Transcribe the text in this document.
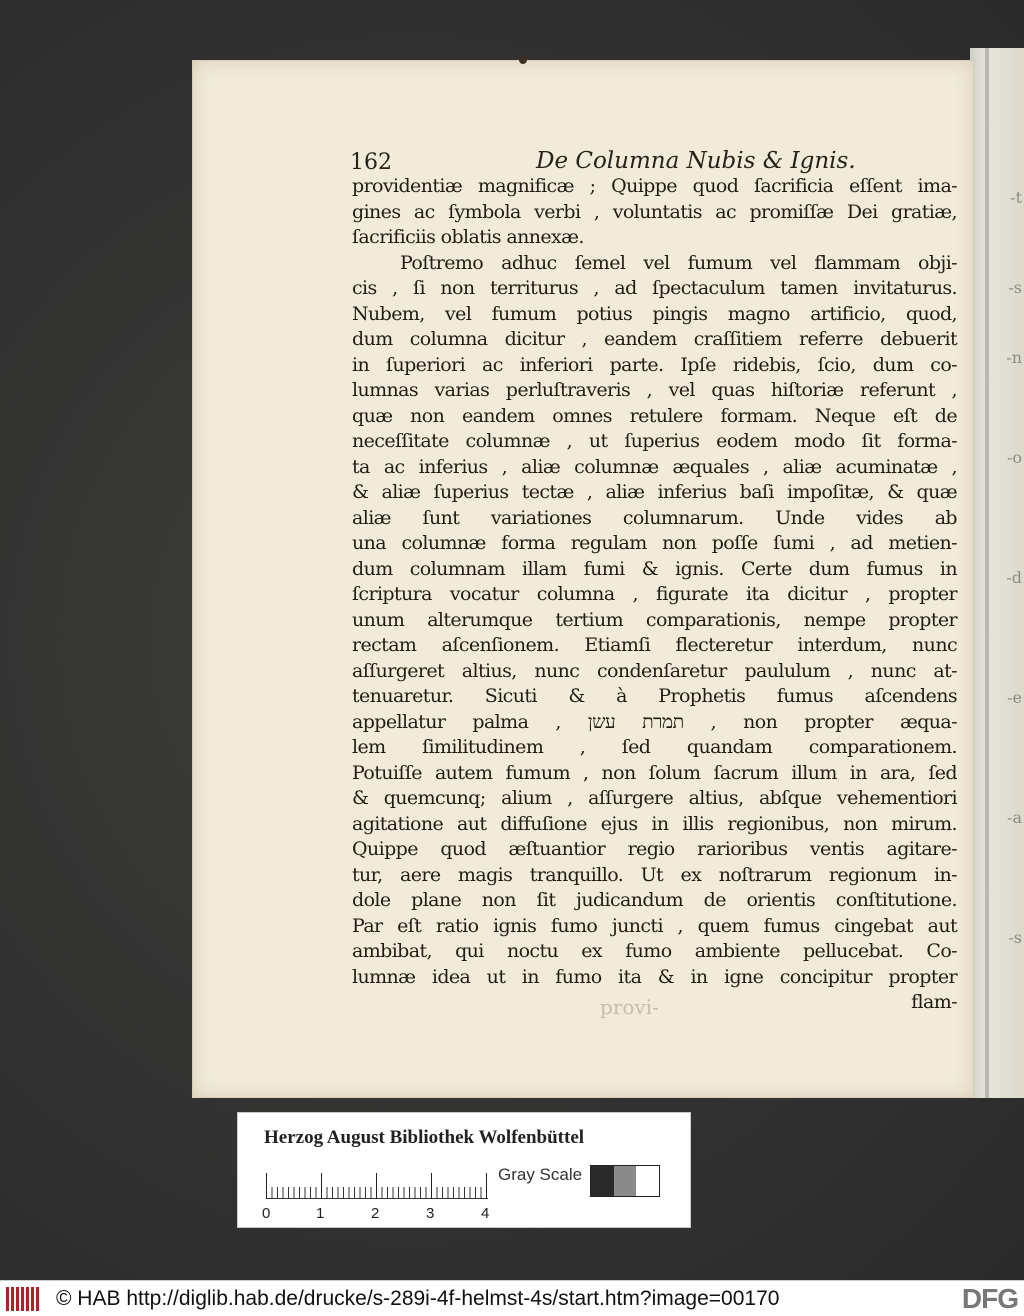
-t
-s
-n
-o
-d
-e
-a
-s
162	De Columna Nubis & Ignis.
providentiæ magnificæ ; Quippe quod ſacrificia eſſent ima-
gines ac ſymbola verbi , voluntatis ac promiſſæ Dei gratiæ,
ſacrificiis oblatis annexæ.
Poſtremo adhuc ſemel vel fumum vel flammam obji-
cis , ſi non territurus , ad ſpectaculum tamen invitaturus.
Nubem, vel fumum potius pingis magno artificio, quod,
dum columna dicitur , eandem craſſitiem referre debuerit
in ſuperiori ac inferiori parte. Ipſe ridebis, ſcio, dum co-
lumnas varias perluſtraveris , vel quas hiſtoriæ referunt ,
quæ non eandem omnes retulere formam. Neque eſt de
neceſſitate columnæ , ut ſuperius eodem modo ſit forma-
ta ac inferius , aliæ columnæ æquales , aliæ acuminatæ ,
& aliæ ſuperius tectæ , aliæ inferius baſi impoſitæ, & quæ
aliæ ſunt variationes columnarum. Unde vides ab
una columnæ forma regulam non poſſe ſumi , ad metien-
dum columnam illam fumi & ignis. Certe dum fumus in
ſcriptura vocatur columna , figurate ita dicitur , propter
unum alterumque tertium comparationis, nempe propter
rectam aſcenſionem. Etiamſi flecteretur interdum, nunc
aſſurgeret altius, nunc condenſaretur paululum , nunc at-
tenuaretur. Sicuti & à Prophetis fumus aſcendens
appellatur palma , תמרת עשן , non propter æqua-
lem ſimilitudinem , ſed quandam comparationem.
Potuiſſe autem fumum , non ſolum ſacrum illum in ara, ſed
& quemcunq; alium , aſſurgere altius, abſque vehementiori
agitatione aut diffuſione ejus in illis regionibus, non mirum.
Quippe quod æſtuantior regio rarioribus ventis agitare-
tur, aere magis tranquillo. Ut ex noſtrarum regionum in-
dole plane non ſit judicandum de orientis conſtitutione.
Par eſt ratio ignis fumo juncti , quem fumus cingebat aut
ambibat, qui noctu ex fumo ambiente pellucebat. Co-
lumnæ idea ut in fumo ita & in igne concipitur propter
flam-
provi-
Herzog August Bibliothek Wolfenbüttel
0	1	2	3	4
Gray Scale
© HAB http://diglib.hab.de/drucke/s-289i-4f-helmst-4s/start.htm?image=00170	DFG
